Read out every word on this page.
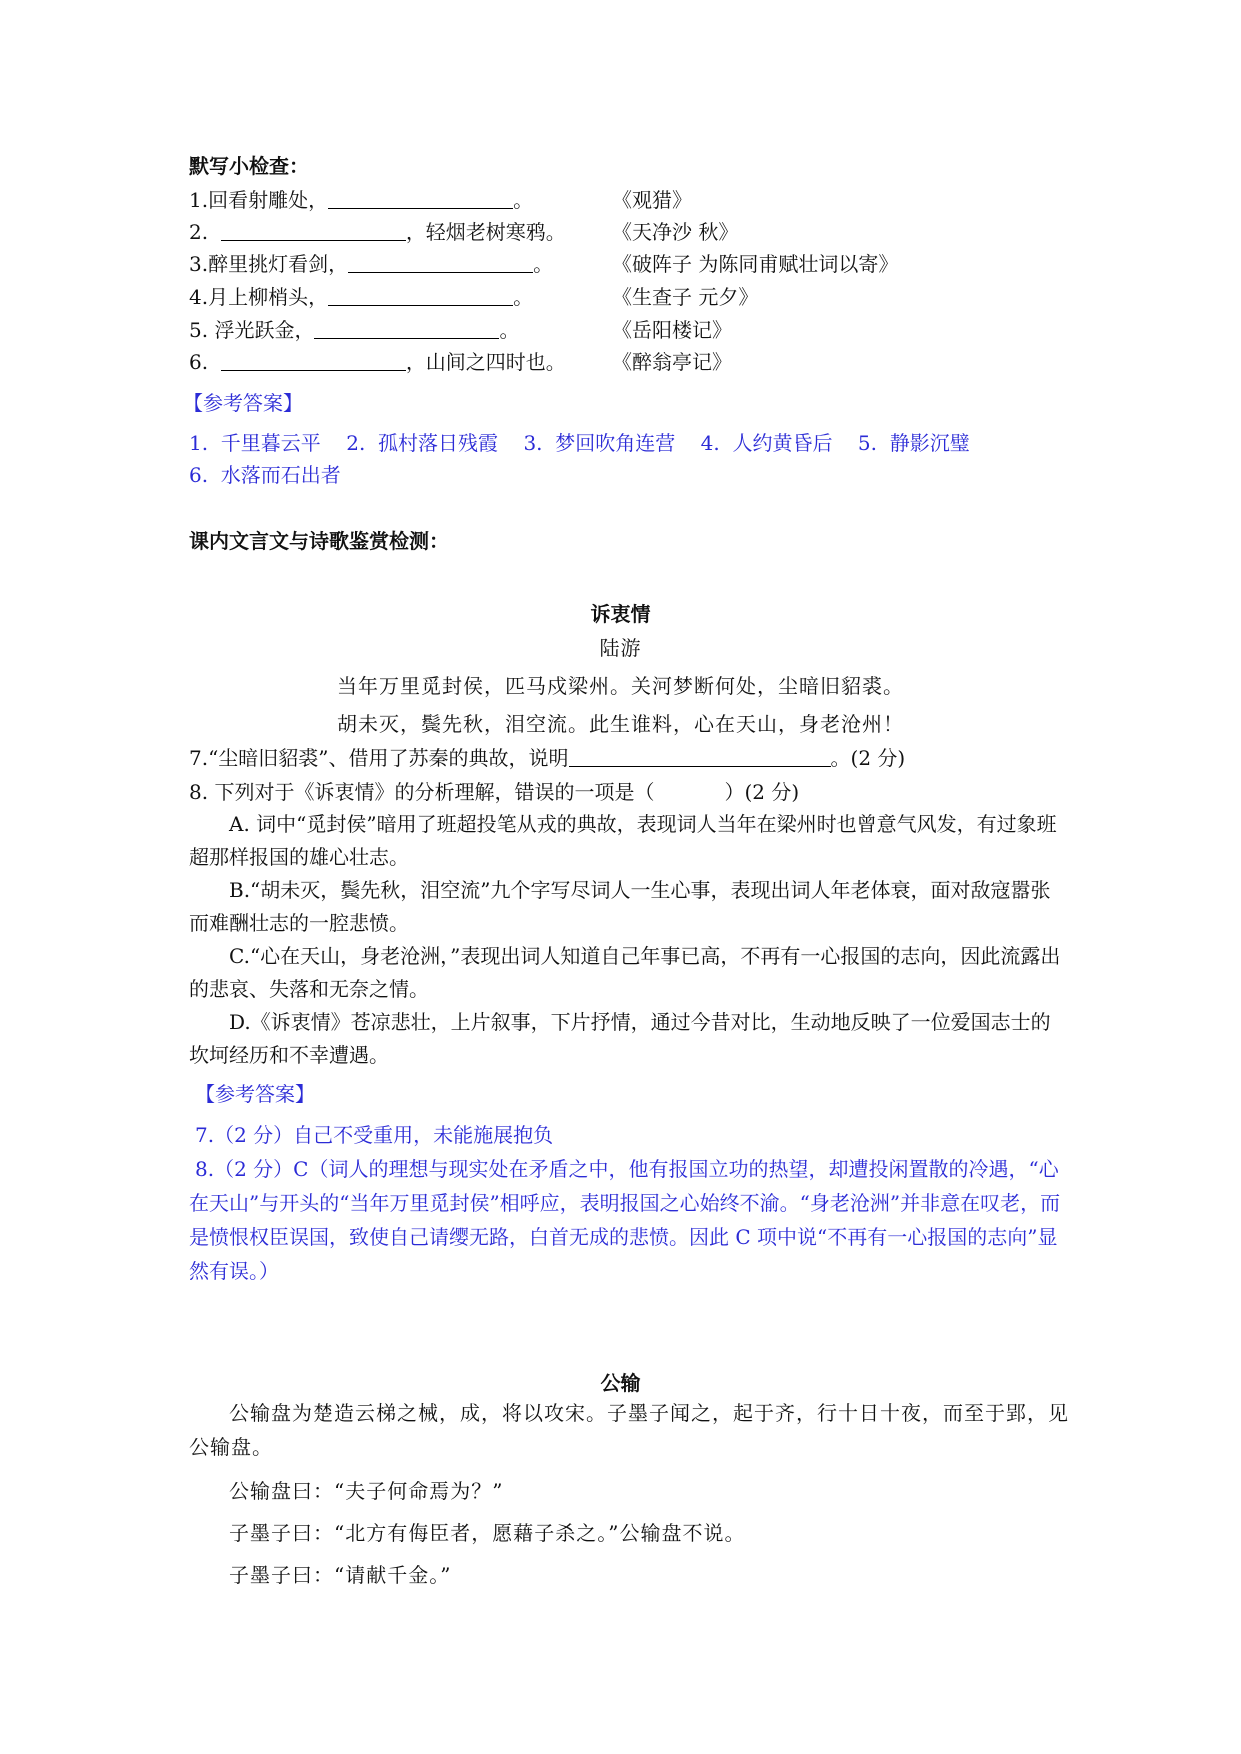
默写小检查：
1.回看射雕处，	。	《观猎》
2.	，轻烟老树寒鸦。 《天净沙 秋》
3.醉里挑灯看剑，	。	《破阵子 为陈同甫赋壮词以寄》
4.月上柳梢头，	。	《生查子 元夕》
5. 浮光跃金，	。	《岳阳楼记》
6.	，山间之四时也。 《醉翁亭记》
【参考答案】
1.  千里暮云平    2.  孤村落日残霞    3.  梦回吹角连营    4.  人约黄昏后    5.  静影沉璧
6.  水落而石出者
课内文言文与诗歌鉴赏检测：
诉衷情
陆游
当年万里觅封侯，匹马戍梁州。关河梦断何处，尘暗旧貂裘。
胡未灭，鬓先秋，泪空流。此生谁料，心在天山，身老沧州！
7.“尘暗旧貂裘”、借用了苏秦的典故，说明	。(2 分)
8. 下列对于《诉衷情》的分析理解，错误的一项是（	）(2 分)
A. 词中“觅封侯”暗用了班超投笔从戎的典故，表现词人当年在梁州时也曾意气风发，有过象班超那样报国的雄心壮志。
B.“胡未灭，鬓先秋，泪空流”九个字写尽词人一生心事，表现出词人年老体衰，面对敌寇嚣张而难酬壮志的一腔悲愤。
C.“心在天山，身老沧洲，”表现出词人知道自己年事已高，不再有一心报国的志向，因此流露出的悲哀、失落和无奈之情。
D.《诉衷情》苍凉悲壮，上片叙事，下片抒情，通过今昔对比，生动地反映了一位爱国志士的坎坷经历和不幸遭遇。
【参考答案】
7.（2 分）自己不受重用，未能施展抱负
8.（2 分）C（词人的理想与现实处在矛盾之中，他有报国立功的热望，却遭投闲置散的冷遇，“心在天山”与开头的“当年万里觅封侯”相呼应，表明报国之心始终不渝。“身老沧洲”并非意在叹老，而是愤恨权臣误国，致使自己请缨无路，白首无成的悲愤。因此 C 项中说“不再有一心报国的志向”显然有误。）
公输
公输盘为楚造云梯之械，成，将以攻宋。子墨子闻之，起于齐，行十日十夜，而至于郢，见公输盘。
公输盘曰：“夫子何命焉为？”
子墨子曰：“北方有侮臣者，愿藉子杀之。”公输盘不说。
子墨子曰：“请献千金。”
